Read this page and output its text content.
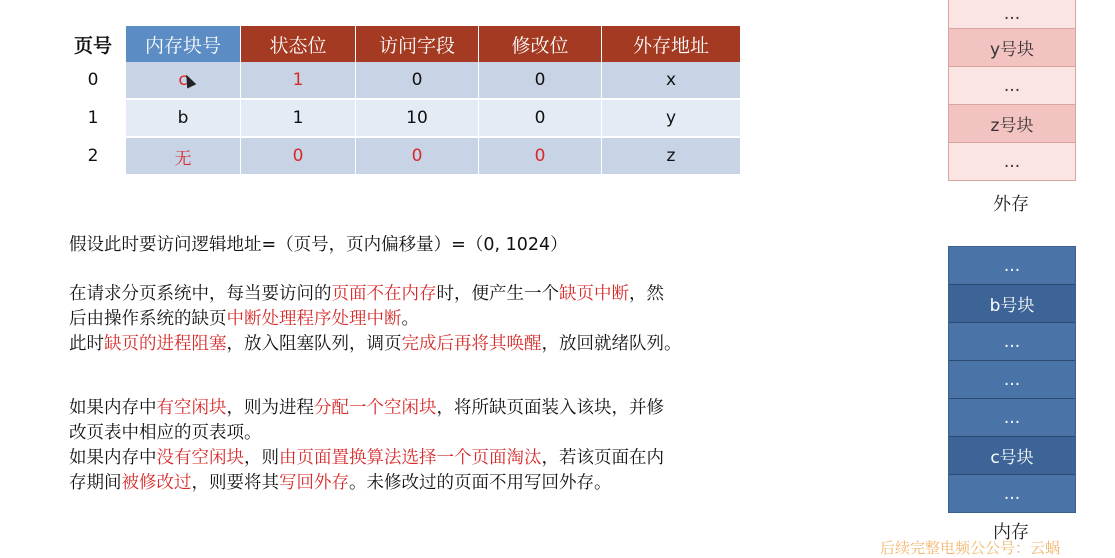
页号	内存块号	状态位	访问字段	修改位	外存地址
0	c	1	0	0	x
1	b	1	10	0	y
2	无	0	0	0	z
假设此时要访问逻辑地址=（页号，页内偏移量）=（0, 1024）
在请求分页系统中，每当要访问的页面不在内存时，便产生一个缺页中断，然
后由操作系统的缺页中断处理程序处理中断。
此时缺页的进程阻塞，放入阻塞队列，调页完成后再将其唤醒，放回就绪队列。
如果内存中有空闲块，则为进程分配一个空闲块，将所缺页面装入该块，并修
改页表中相应的页表项。
如果内存中没有空闲块，则由页面置换算法选择一个页面淘汰，若该页面在内
存期间被修改过，则要将其写回外存。未修改过的页面不用写回外存。
...
y号块
...
z号块
...
外存
...
b号块
...
...
...
c号块
...
内存
后续完整电频公公号：云蜗
